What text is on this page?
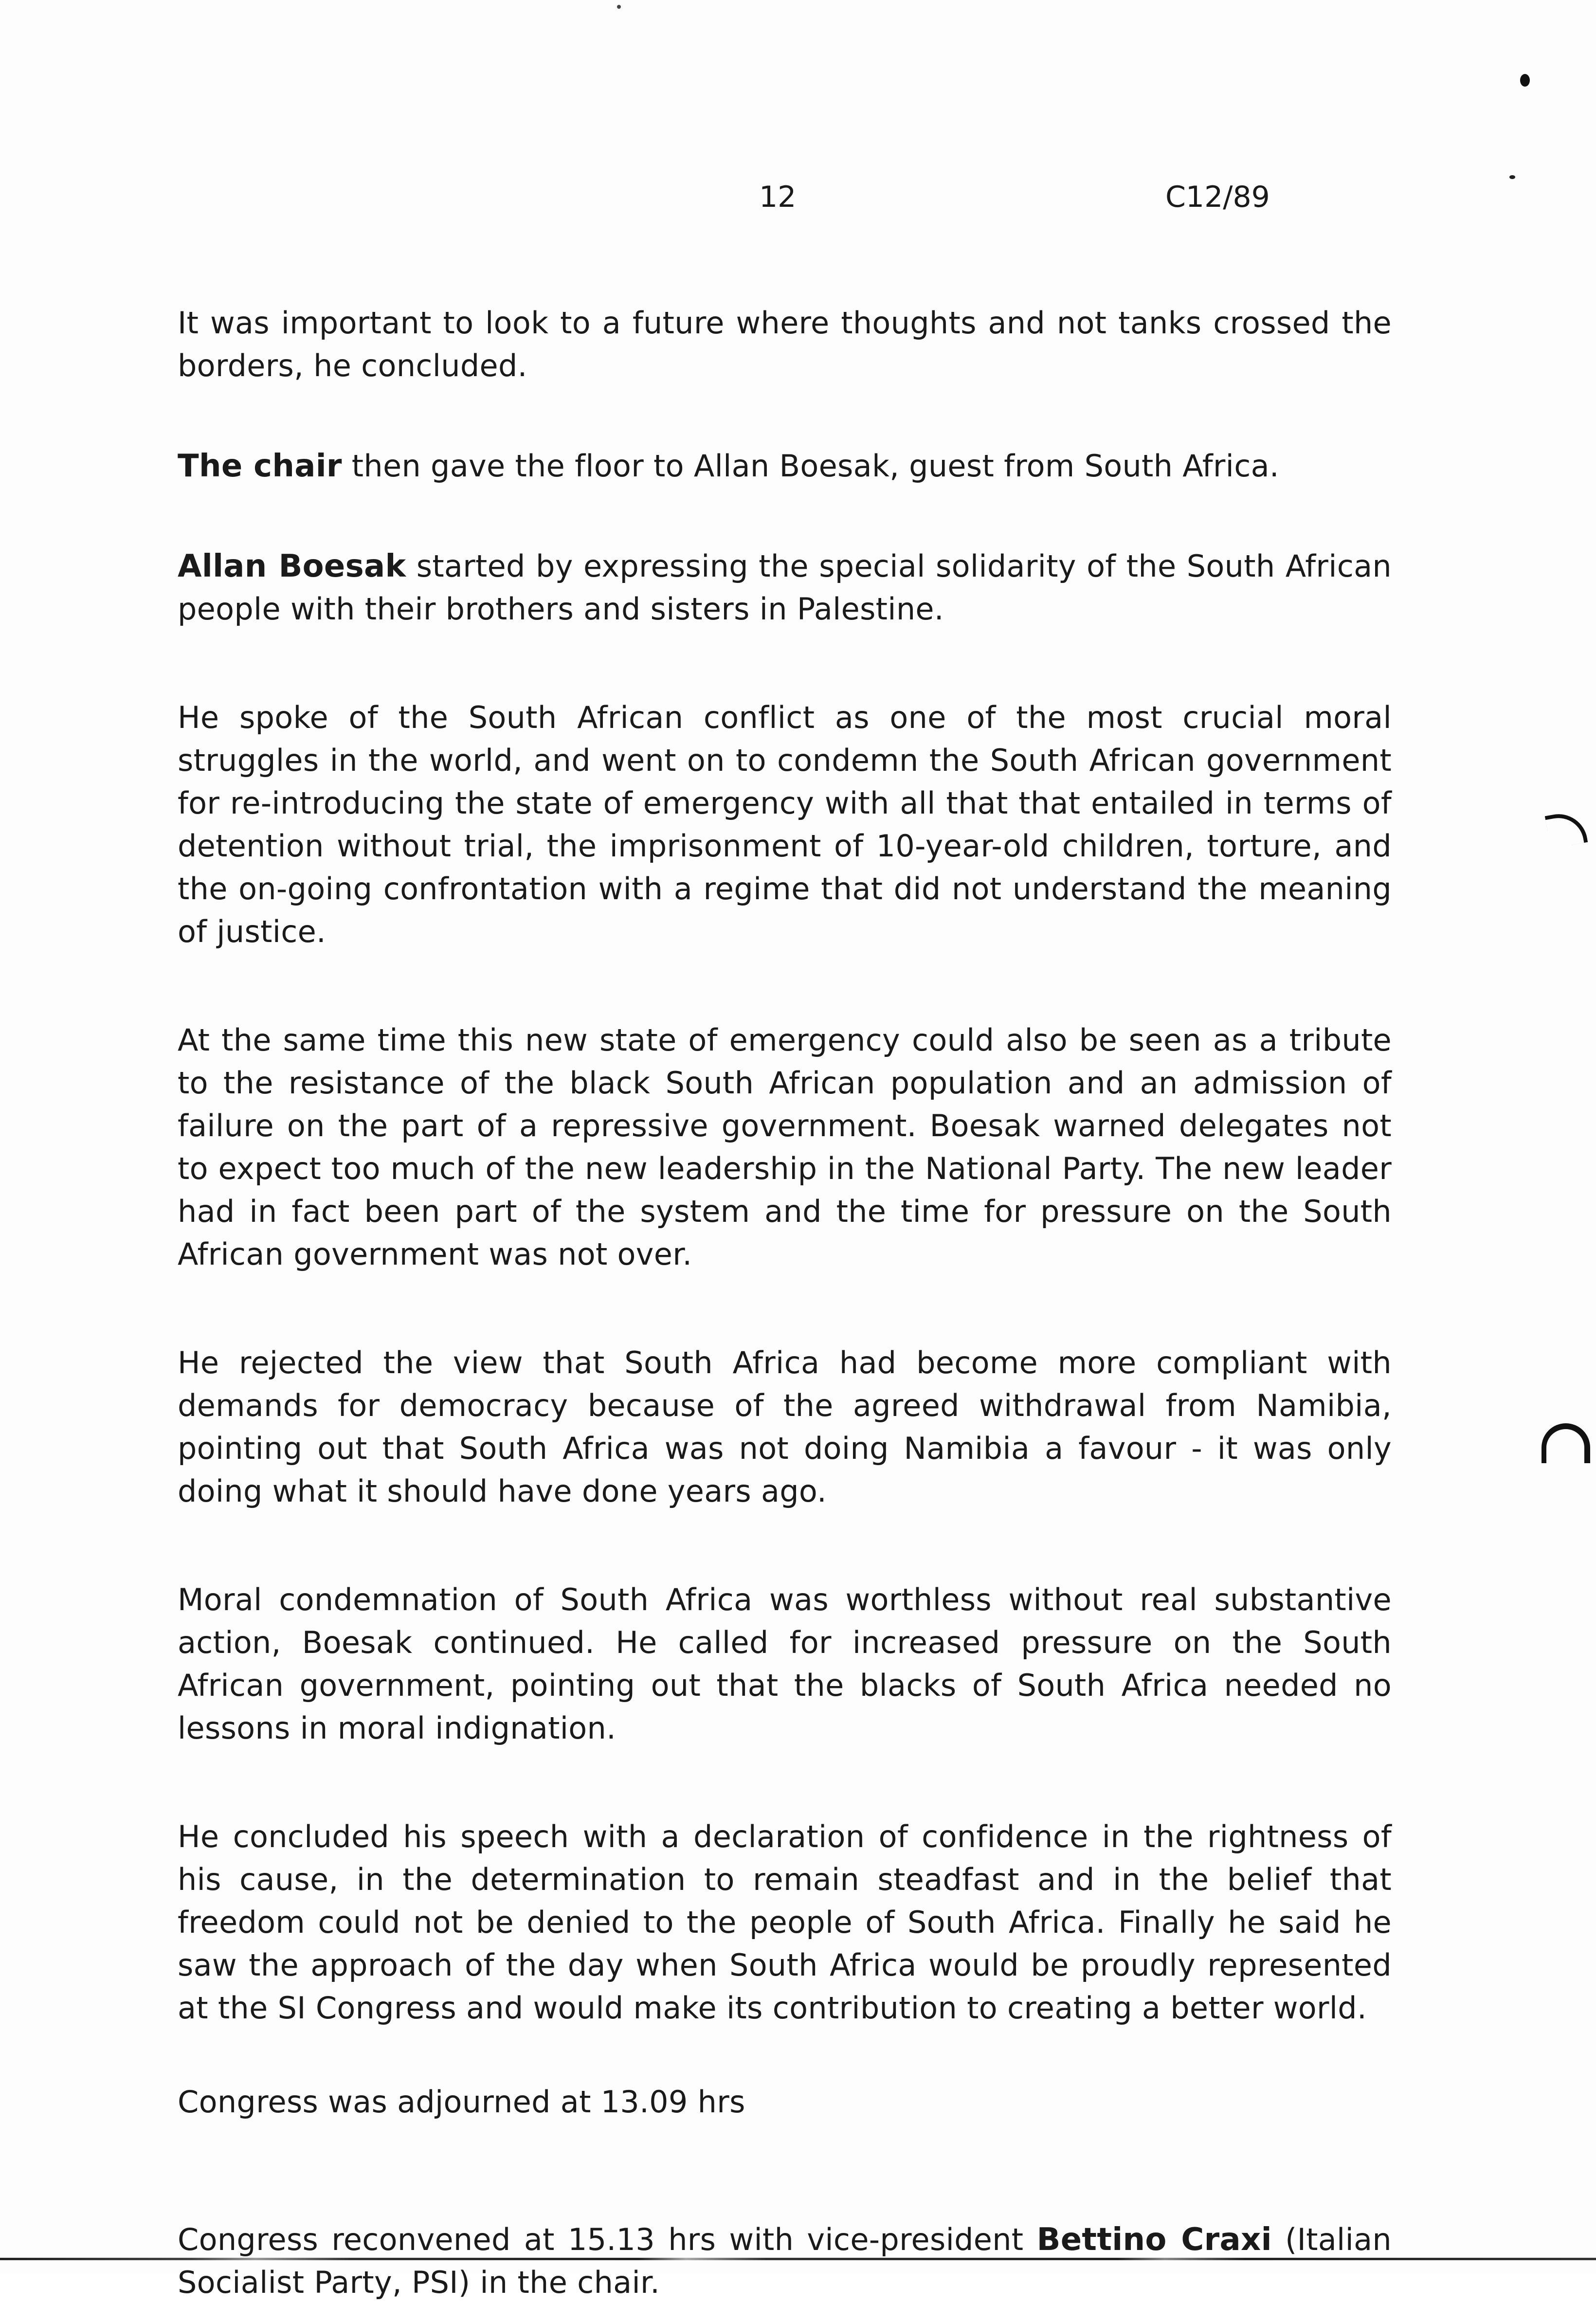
12	C12/89

It was important to look to a future where thoughts and not tanks crossed the borders, he concluded.

The chair then gave the floor to Allan Boesak, guest from South Africa.

Allan Boesak started by expressing the special solidarity of the South African people with their brothers and sisters in Palestine.

He spoke of the South African conflict as one of the most crucial moral struggles in the world, and went on to condemn the South African government for re-introducing the state of emergency with all that that entailed in terms of detention without trial, the imprisonment of 10-year-old children, torture, and the on-going confrontation with a regime that did not understand the meaning of justice.

At the same time this new state of emergency could also be seen as a tribute to the resistance of the black South African population and an admission of failure on the part of a repressive government. Boesak warned delegates not to expect too much of the new leadership in the National Party. The new leader had in fact been part of the system and the time for pressure on the South African government was not over.

He rejected the view that South Africa had become more compliant with demands for democracy because of the agreed withdrawal from Namibia, pointing out that South Africa was not doing Namibia a favour - it was only doing what it should have done years ago.

Moral condemnation of South Africa was worthless without real substantive action, Boesak continued. He called for increased pressure on the South African government, pointing out that the blacks of South Africa needed no lessons in moral indignation.

He concluded his speech with a declaration of confidence in the rightness of his cause, in the determination to remain steadfast and in the belief that freedom could not be denied to the people of South Africa. Finally he said he saw the approach of the day when South Africa would be proudly represented at the SI Congress and would make its contribution to creating a better world.

Congress was adjourned at 13.09 hrs

Congress reconvened at 15.13 hrs with vice-president Bettino Craxi (Italian Socialist Party, PSI) in the chair.
